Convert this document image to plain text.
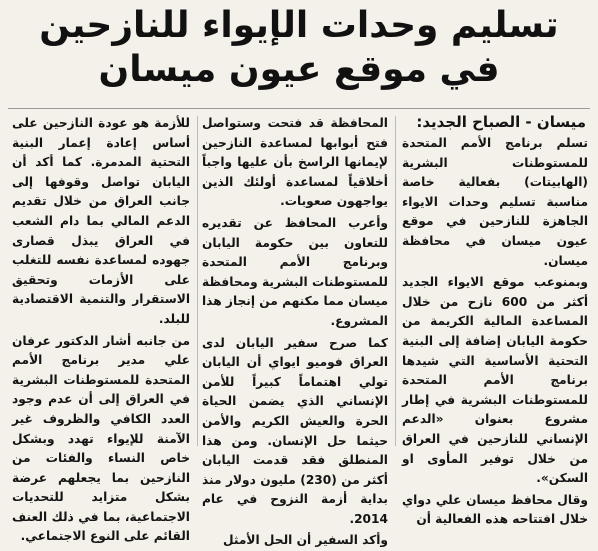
تسليم وحدات الإيواء للنازحين
في موقع عيون ميسان
ميسان - الصباح الجديد:

تسلم برنامج الأمم المتحدة للمستوطنات البشرية (الهابيتات) بفعالية خاصة مناسبة تسليم وحدات الايواء الجاهزة للنازحين في موقع عيون ميسان في محافظة ميسان.

وبمنوعب موقع الايواء الجديد أكثر من 600 نازح من خلال المساعدة المالية الكريمة من حكومة اليابان إضافة إلى البنية التحتية الأساسية التي شيدها برنامج الأمم المتحدة للمستوطنات البشرية في إطار مشروع بعنوان «الدعم الإنساني للنازحين في العراق من خلال توفير المأوى او السكن».

وقال محافظ ميسان علي دواي خلال افتتاحه هذه الفعالية أن

المحافظة قد فتحت وستواصل فتح أبوابها لمساعدة النازحين لإيمانها الراسخ بأن عليها واجباً أخلاقياً لمساعدة أولئك الذين يواجهون صعوبات.

وأعرب المحافظ عن تقديره للتعاون بين حكومة اليابان وبرنامج الأمم المتحدة للمستوطنات البشرية ومحافظة ميسان مما مكنهم من إنجاز هذا المشروع.

كما صرح سفير اليابان لدى العراق فوميو ايواي أن اليابان تولي اهتماماً كبيراً للأمن الإنساني الذي يضمن الحياة الحرة والعيش الكريم والأمن حيثما حل الإنسان. ومن هذا المنطلق فقد قدمت اليابان أكثر من (230) مليون دولار منذ بداية أزمة النزوح في عام 2014.

وأكد السفير أن الحل الأمثل

للأزمة هو عودة النازحين على أساس إعادة إعمار البنية التحتية المدمرة. كما أكد أن اليابان تواصل وقوفها إلى جانب العراق من خلال تقديم الدعم المالي بما دام الشعب في العراق يبذل قصارى جهوده لمساعدة نفسه للتغلب على الأزمات وتحقيق الاستقرار والتنمية الاقتصادية للبلد.

من جانبه أشار الدكتور عرفان علي مدير برنامج الأمم المتحدة للمستوطنات البشرية في العراق إلى أن عدم وجود العدد الكافي والظروف غير الآمنة للإيواء تهدد وبشكل خاص النساء والفئات من النازحين بما يجعلهم عرضة بشكل متزايد للتحديات الاجتماعية، بما في ذلك العنف القائم على النوع الاجتماعي.
